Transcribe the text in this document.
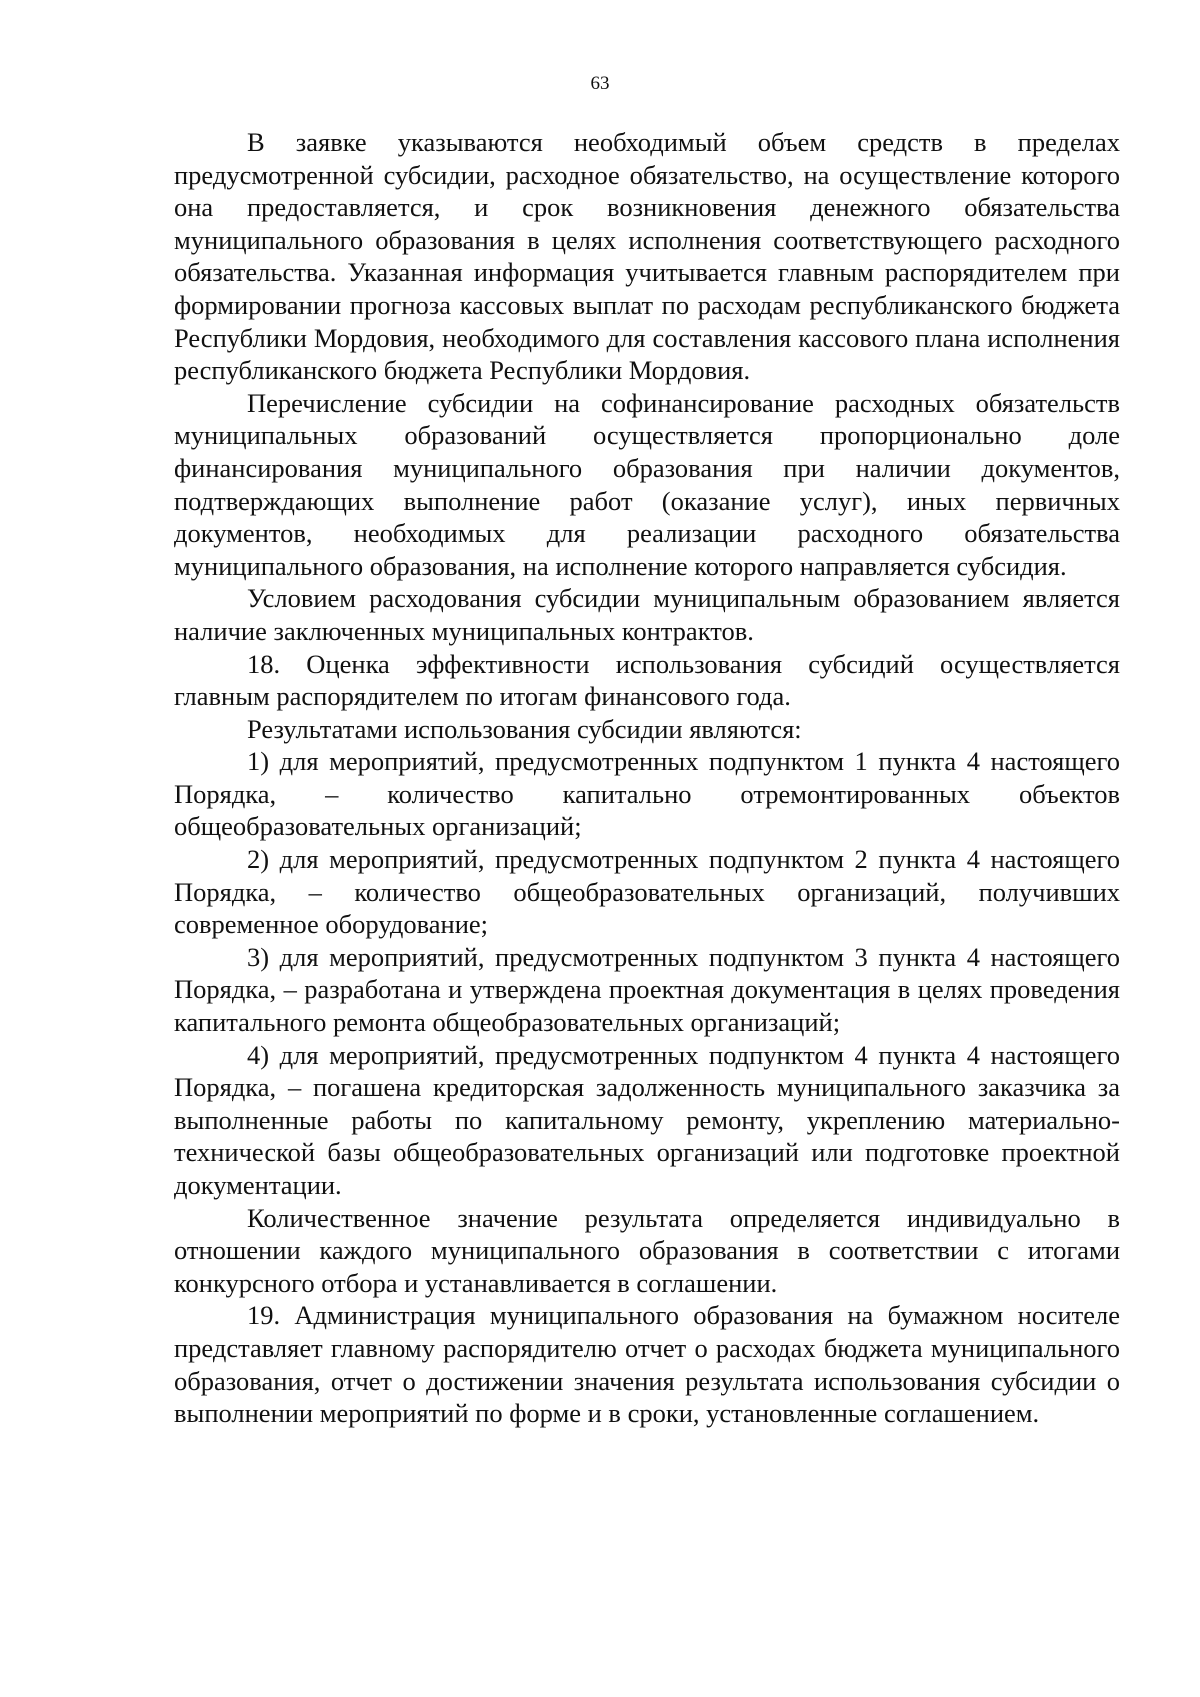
63

В заявке указываются необходимый объем средств в пределах предусмотренной субсидии, расходное обязательство, на осуществление которого она предоставляется, и срок возникновения денежного обязательства муниципального образования в целях исполнения соответствующего расходного обязательства. Указанная информация учитывается главным распорядителем при формировании прогноза кассовых выплат по расходам республиканского бюджета Республики Мордовия, необходимого для составления кассового плана исполнения республиканского бюджета Республики Мордовия.

Перечисление субсидии на софинансирование расходных обязательств муниципальных образований осуществляется пропорционально доле финансирования муниципального образования при наличии документов, подтверждающих выполнение работ (оказание услуг), иных первичных документов, необходимых для реализации расходного обязательства муниципального образования, на исполнение которого направляется субсидия.

Условием расходования субсидии муниципальным образованием является наличие заключенных муниципальных контрактов.

18. Оценка эффективности использования субсидий осуществляется главным распорядителем по итогам финансового года.

Результатами использования субсидии являются:

1) для мероприятий, предусмотренных подпунктом 1 пункта 4 настоящего Порядка, – количество капитально отремонтированных объектов общеобразовательных организаций;

2) для мероприятий, предусмотренных подпунктом 2 пункта 4 настоящего Порядка, – количество общеобразовательных организаций, получивших современное оборудование;

3) для мероприятий, предусмотренных подпунктом 3 пункта 4 настоящего Порядка, – разработана и утверждена проектная документация в целях проведения капитального ремонта общеобразовательных организаций;

4) для мероприятий, предусмотренных подпунктом 4 пункта 4 настоящего Порядка, – погашена кредиторская задолженность муниципального заказчика за выполненные работы по капитальному ремонту, укреплению материально-технической базы общеобразовательных организаций или подготовке проектной документации.

Количественное значение результата определяется индивидуально в отношении каждого муниципального образования в соответствии с итогами конкурсного отбора и устанавливается в соглашении.

19. Администрация муниципального образования на бумажном носителе представляет главному распорядителю отчет о расходах бюджета муниципального образования, отчет о достижении значения результата использования субсидии о выполнении мероприятий по форме и в сроки, установленные соглашением.
